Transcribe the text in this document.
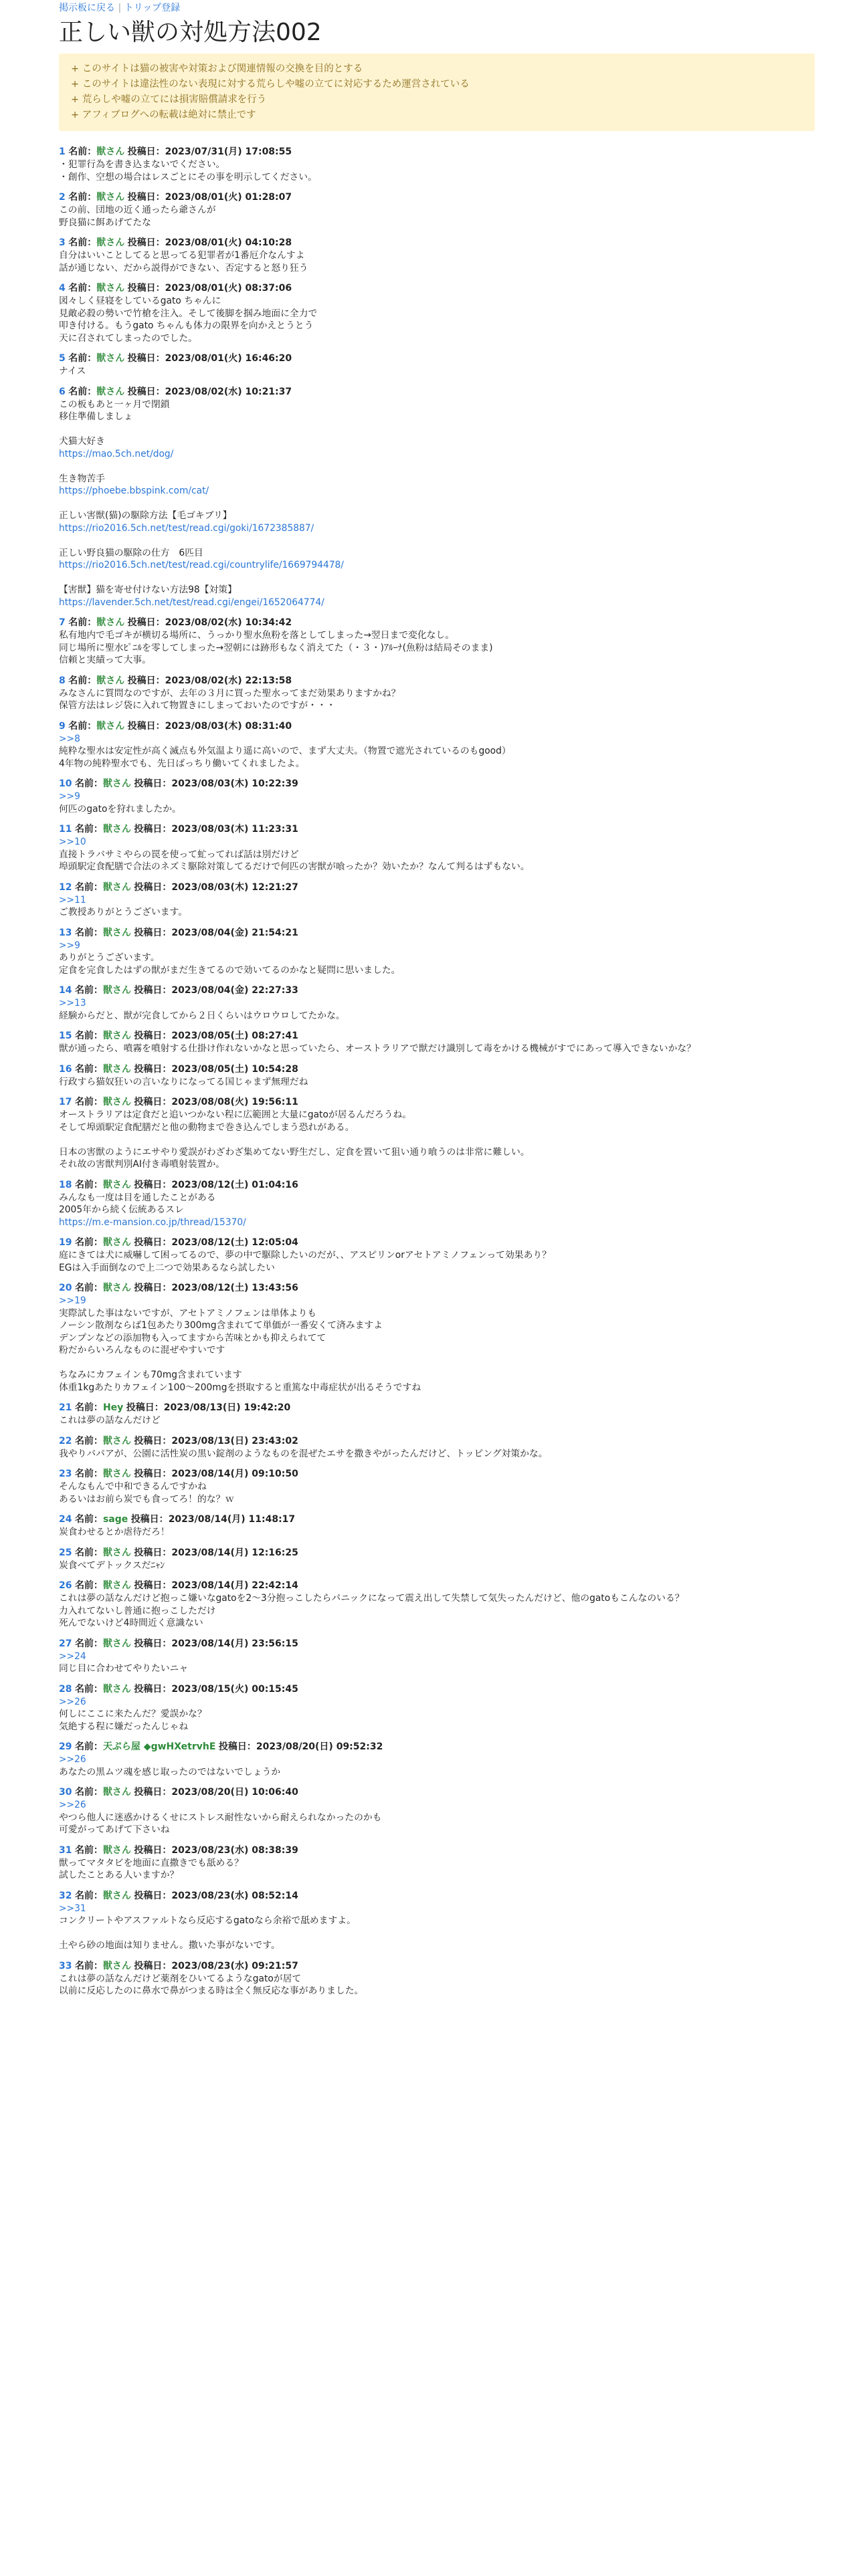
掲示板に戻る | トリップ登録
正しい獣の対処方法002
+ このサイトは猫の被害や対策および関連情報の交換を目的とする
+ このサイトは違法性のない表現に対する荒らしや嘘の立てに対応するため運営されている
+ 荒らしや嘘の立てには損害賠償請求を行う
+ アフィブログへの転載は絶対に禁止です
1 名前：獣さん 投稿日：2023/07/31(月) 17:08:55
・犯罪行為を書き込まないでください。
・創作、空想の場合はレスごとにその事を明示してください。
2 名前：獣さん 投稿日：2023/08/01(火) 01:28:07
この前、団地の近く通ったら爺さんが
野良猫に餌あげてたな
3 名前：獣さん 投稿日：2023/08/01(火) 04:10:28
自分はいいことしてると思ってる犯罪者が1番厄介なんすよ
話が通じない、だから説得ができない、否定すると怒り狂う
4 名前：獣さん 投稿日：2023/08/01(火) 08:37:06
図々しく昼寝をしているgato ちゃんに
見敵必殺の勢いで竹槍を注入。そして後脚を掴み地面に全力で
叩き付ける。もうgato ちゃんも体力の限界を向かえとうとう
天に召されてしまったのでした。
5 名前：獣さん 投稿日：2023/08/01(火) 16:46:20
ナイス
6 名前：獣さん 投稿日：2023/08/02(水) 10:21:37
この板もあと一ヶ月で閉鎖
移住準備しましょ
犬猫大好き
https://mao.5ch.net/dog/
生き物苦手
https://phoebe.bbspink.com/cat/
正しい害獣(猫)の駆除方法【毛ゴキブリ】
https://rio2016.5ch.net/test/read.cgi/goki/1672385887/
正しい野良猫の駆除の仕方　6匹目
https://rio2016.5ch.net/test/read.cgi/countrylife/1669794478/
【害獣】猫を寄せ付けない方法98【対策】
https://lavender.5ch.net/test/read.cgi/engei/1652064774/
7 名前：獣さん 投稿日：2023/08/02(水) 10:34:42
私有地内で毛ゴキが横切る場所に、うっかり聖水魚粉を落としてしまった→翌日まで変化なし。
同じ場所に聖水ﾋﾟﾆﾙを零してしまった→翌朝には跡形もなく消えてた（・３・)ｱﾙｰﾅ(魚粉は結局そのまま)
信頼と実績って大事。
8 名前：獣さん 投稿日：2023/08/02(水) 22:13:58
みなさんに質問なのですが、去年の３月に買った聖水ってまだ効果ありますかね？
保管方法はレジ袋に入れて物置きにしまっておいたのですが・・・
9 名前：獣さん 投稿日：2023/08/03(木) 08:31:40
>>8
純粋な聖水は安定性が高く滅点も外気温より遥に高いので、まず大丈夫。（物置で遮光されているのもgood）
4年物の純粋聖水でも、先日ばっちり働いてくれましたよ。
10 名前：獣さん 投稿日：2023/08/03(木) 10:22:39
>>9
何匹のgatoを狩れましたか。
11 名前：獣さん 投稿日：2023/08/03(木) 11:23:31
>>10
直接トラバサミやらの罠を使って虻ってれば話は別だけど
埠頭駅定食配膳で合法のネズミ駆除対策してるだけで何匹の害獣が喰ったか？効いたか？なんて判るはずもない。
12 名前：獣さん 投稿日：2023/08/03(木) 12:21:27
>>11
ご教授ありがとうございます。
13 名前：獣さん 投稿日：2023/08/04(金) 21:54:21
>>9
ありがとうございます。
定食を完食したはずの獣がまだ生きてるので効いてるのかなと疑問に思いました。
14 名前：獣さん 投稿日：2023/08/04(金) 22:27:33
>>13
経験からだと、獣が完食してから２日くらいはウロウロしてたかな。
15 名前：獣さん 投稿日：2023/08/05(土) 08:27:41
獣が通ったら、噴霧を噴射する仕掛け作れないかなと思っていたら、オーストラリアで獣だけ識別して毒をかける機械がすでにあって導入できないかな？
16 名前：獣さん 投稿日：2023/08/05(土) 10:54:28
行政すら猫奴狂いの言いなりになってる国じゃまず無理だね
17 名前：獣さん 投稿日：2023/08/08(火) 19:56:11
オーストラリアは定食だと追いつかない程に広範囲と大量にgatoが居るんだろうね。
そして埠頭駅定食配膳だと他の動物まで巻き込んでしまう恐れがある。
日本の害獣のようにエサやり愛誤がわざわざ集めてない野生だし、定食を置いて狙い通り喰うのは非常に難しい。
それ故の害獣判別AI付き毒噴射装置か。
18 名前：獣さん 投稿日：2023/08/12(土) 01:04:16
みんなも一度は目を通したことがある
2005年から続く伝統あるスレ
https://m.e-mansion.co.jp/thread/15370/
19 名前：獣さん 投稿日：2023/08/12(土) 12:05:04
庭にきては犬に威嚇して困ってるので、夢の中で駆除したいのだが、、アスピリンorアセトアミノフェンって効果あり？
EGは入手面倒なので上二つで効果あるなら試したい
20 名前：獣さん 投稿日：2023/08/12(土) 13:43:56
>>19
実際試した事はないですが、アセトアミノフェンは単体よりも
ノーシン散剤ならば1包あたり300mg含まれてて単価が一番安くて済みますよ
デンプンなどの添加物も入ってますから苦味とかも抑えられてて
粉だからいろんなものに混ぜやすいです
ちなみにカフェインも70mg含まれています
体重1kgあたりカフェイン100〜200mgを摂取すると重篤な中毒症状が出るそうですね
21 名前：Hey 投稿日：2023/08/13(日) 19:42:20
これは夢の話なんだけど
22 名前：獣さん 投稿日：2023/08/13(日) 23:43:02
我やりバパアが、公園に活性炭の黒い錠剤のようなものを混ぜたエサを撒きやがったんだけど、トッピング対策かな。
23 名前：獣さん 投稿日：2023/08/14(月) 09:10:50
そんなもんで中和できるんですかね
あるいはお前ら炭でも食ってろ！的な？ｗ
24 名前：sage 投稿日：2023/08/14(月) 11:48:17
炭食わせるとか虐待だろ！
25 名前：獣さん 投稿日：2023/08/14(月) 12:16:25
炭食べてデトックスだﾆｬﾝ
26 名前：獣さん 投稿日：2023/08/14(月) 22:42:14
これは夢の話なんだけど抱っこ嫌いなgatoを2〜3分抱っこしたらパニックになって震え出して失禁して気失ったんだけど、他のgatoもこんなのいる？
力入れてないし普通に抱っこしただけ
死んでないけど4時間近く意識ない
27 名前：獣さん 投稿日：2023/08/14(月) 23:56:15
>>24
同じ目に合わせてやりたいニャ
28 名前：獣さん 投稿日：2023/08/15(火) 00:15:45
>>26
何しにここに来たんだ？愛誤かな？
気絶する程に嫌だったんじゃね
29 名前：天ぷら屋 ◆gwHXetrvhE 投稿日：2023/08/20(日) 09:52:32
>>26
あなたの黒ムツ魂を感じ取ったのではないでしょうか
30 名前：獣さん 投稿日：2023/08/20(日) 10:06:40
>>26
やつら他人に迷惑かけるくせにストレス耐性ないから耐えられなかったのかも
可愛がってあげて下さいね
31 名前：獣さん 投稿日：2023/08/23(水) 08:38:39
獣ってマタタビを地面に直撒きでも舐める？
試したことある人いますか？
32 名前：獣さん 投稿日：2023/08/23(水) 08:52:14
>>31
コンクリートやアスファルトなら反応するgatoなら余裕で舐めますよ。
土やら砂の地面は知りません。撒いた事がないです。
33 名前：獣さん 投稿日：2023/08/23(水) 09:21:57
これは夢の話なんだけど薬剤をひいてるようなgatoが居て
以前に反応したのに鼻水で鼻がつまる時は全く無反応な事がありました。
